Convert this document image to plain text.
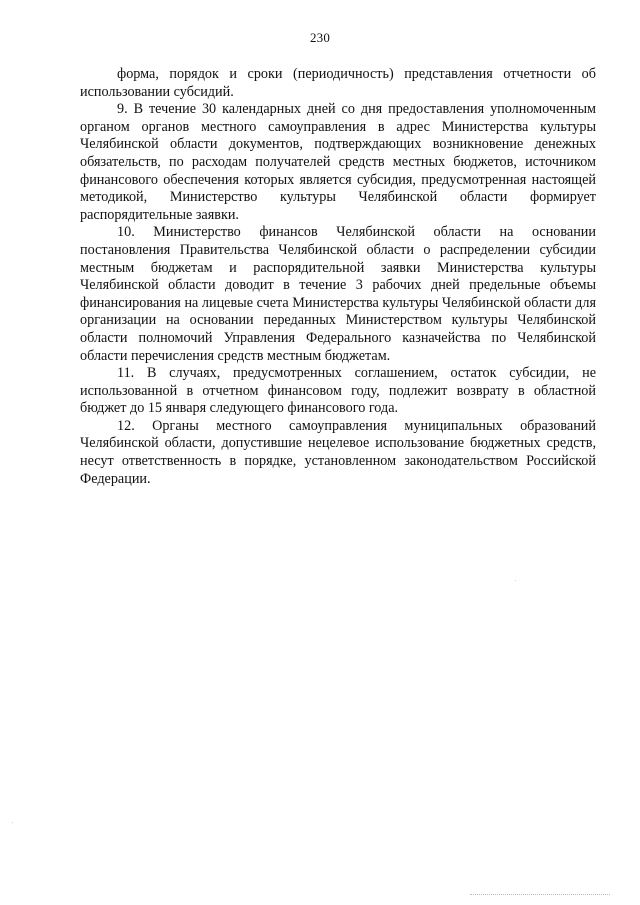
230

форма, порядок и сроки (периодичность) представления отчетности об использовании субсидий.

9. В течение 30 календарных дней со дня предоставления уполномоченным органом органов местного самоуправления в адрес Министерства культуры Челябинской области документов, подтверждающих возникновение денежных обязательств, по расходам получателей средств местных бюджетов, источником финансового обеспечения которых является субсидия, предусмотренная настоящей методикой, Министерство культуры Челябинской области формирует распорядительные заявки.

10. Министерство финансов Челябинской области на основании постановления Правительства Челябинской области о распределении субсидии местным бюджетам и распорядительной заявки Министерства культуры Челябинской области доводит в течение 3 рабочих дней предельные объемы финансирования на лицевые счета Министерства культуры Челябинской области для организации на основании переданных Министерством культуры Челябинской области полномочий Управления Федерального казначейства по Челябинской области перечисления средств местным бюджетам.

11. В случаях, предусмотренных соглашением, остаток субсидии, не использованной в отчетном финансовом году, подлежит возврату в областной бюджет до 15 января следующего финансового года.

12. Органы местного самоуправления муниципальных образований Челябинской области, допустившие нецелевое использование бюджетных средств, несут ответственность в порядке, установленном законодательством Российской Федерации.
